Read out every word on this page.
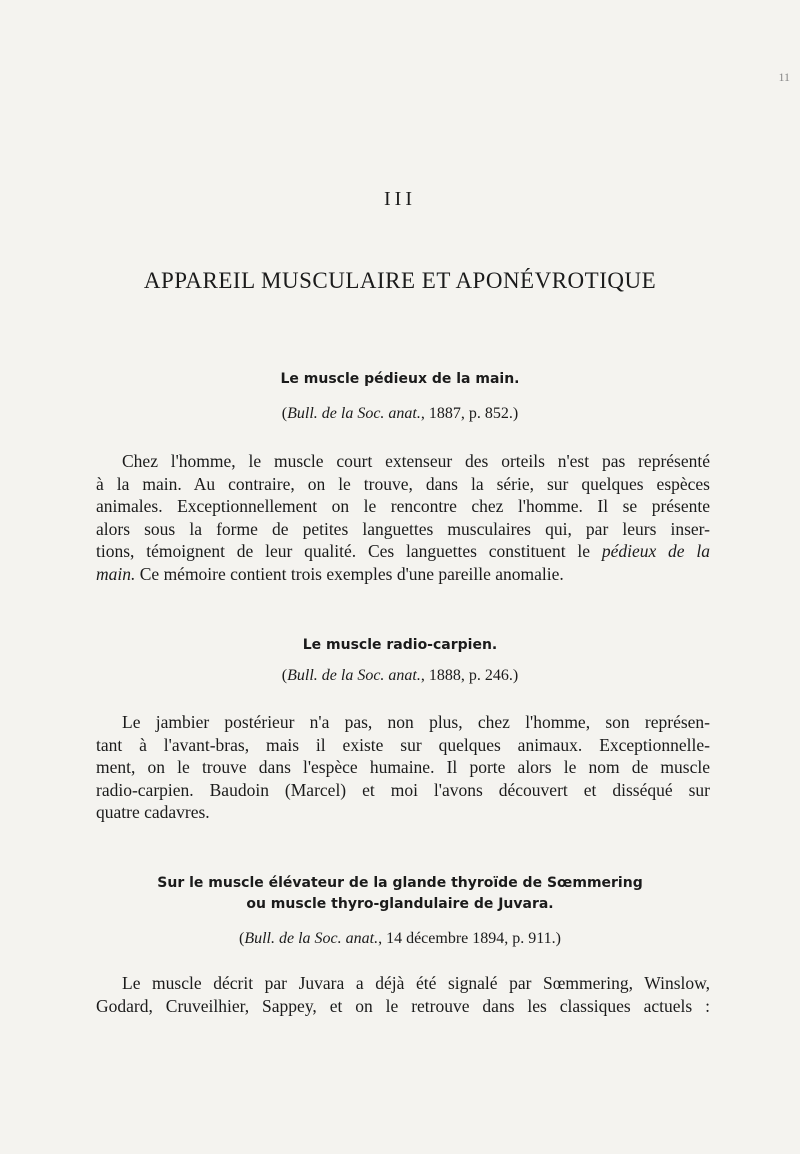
11
III
APPAREIL MUSCULAIRE ET APONÉVROTIQUE
Le muscle pédieux de la main.
(Bull. de la Soc. anat., 1887, p. 852.)
Chez l'homme, le muscle court extenseur des orteils n'est pas représenté
à la main. Au contraire, on le trouve, dans la série, sur quelques espèces
animales. Exceptionnellement on le rencontre chez l'homme. Il se présente
alors sous la forme de petites languettes musculaires qui, par leurs inser-
tions, témoignent de leur qualité. Ces languettes constituent le pédieux de la
main. Ce mémoire contient trois exemples d'une pareille anomalie.
Le muscle radio-carpien.
(Bull. de la Soc. anat., 1888, p. 246.)
Le jambier postérieur n'a pas, non plus, chez l'homme, son représen-
tant à l'avant-bras, mais il existe sur quelques animaux. Exceptionnelle-
ment, on le trouve dans l'espèce humaine. Il porte alors le nom de muscle
radio-carpien. Baudoin (Marcel) et moi l'avons découvert et disséqué sur
quatre cadavres.
Sur le muscle élévateur de la glande thyroïde de Sœmmering
ou muscle thyro-glandulaire de Juvara.
(Bull. de la Soc. anat., 14 décembre 1894, p. 911.)
Le muscle décrit par Juvara a déjà été signalé par Sœmmering, Winslow,
Godard, Cruveilhier, Sappey, et on le retrouve dans les classiques actuels :
